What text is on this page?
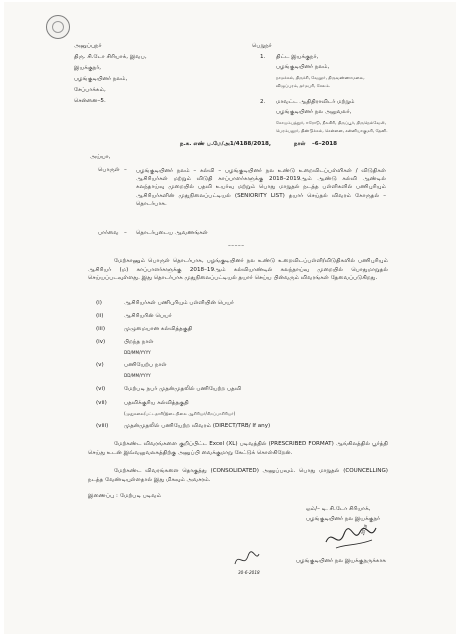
அனுப்புநர்
திரு. சி.டோ சிரியாக், இவப,
இயக்குநர்,
பழங்குடியினர் நலம்,
சேப்பாக்கம்,
சென்னை–5.
பெறுநர்
1. திட்ட இயக்குநர்,
பழங்குடியினர் நலம்,
நாமக்கல், திருச்சி, வேலூர், திருவண்ணாமலை,
விழுப்புரம், தர்மபுரி, சேலம்.
2. மாவட்ட ஆதிதிராவிடர் மற்றும்
பழங்குடியினர் நல அலுவலர்,
கோயம்புத்தூர், ஈரோடு, நீலகிரி, திருப்பூர், திருநெல்வேலி,
பெரம்பலூர், திண்டுக்கல், சென்னை, கன்னியாகுமரி, தேனி.
ந.க. எண் ப.மே/அ1/4188/2018,	நாள் –6–2018
அய்யா,
பொருள் – பழங்குடியினர் நலம் – கல்வி – பழங்குடியினர் நல உண்டு உறைவிடப்பள்ளிகள் / விடுதிகள் ஆசிரியர்கள் மற்றும் விடுதி காப்பாளர்களுக்கு 2018–2019ஆம் ஆண்டு கல்வி ஆண்டில் கலந்தாய்வு முறையில் பதவி உயர்வு மற்றும் பொது மாறுதல் நடத்த பள்ளிகளில் பணிபுரியும் ஆசிரியர்களின் முதுநிலைப்பட்டியல் (SENIORITY LIST) தயார் செய்தல் விவரம் கோருதல் – தொடர்பாக.
பார்வை – தொடர்புடைய ஆவணங்கள்
–––––
மேற்காணும் பொருள் தொடர்பாக, பழங்குடியினர் நல உண்டு உறைவிடப்பள்ளி/விடுதிகளில் பணிபுரியும் ஆசிரியர் (ம) காப்பாளர்களுக்கு 2018–19ஆம் கல்வியாண்டில் கலந்தாய்வு முறையில் பொதுமாறுதல் செய்யப்படவுள்ளது. இது தொடர்பாக முதுநிலைப்பட்டியல் தயார் செய்ய பின்வரும் விவரங்கள் தேவைப்படுகிறது.
(i)	ஆசிரியர்கள் பணிபுரியும் பள்ளியின் பெயர்
(ii)	ஆசிரியரின் பெயர்
(iii)	முழுமையான கல்வித்தகுதி
(iv)	பிறந்த நாள்
DD/MM/YYYY
(v)	பணியேற்ப நாள்
DD/MM/YYYY
(vi)	மேற்படி நபர் முதன்முதலில் பணியேற்ற பதவி
(vii)	பதவிக்குரிய கல்வித்தகுதி
(முதுகலை/பட்டதாரி/இடைநிலை ஆசிரியர்/சிறப்பாசிரியர்)
(viii)	முதன்முதலில் பணியேற்ற விவரம் (DIRECT/TRB/ If any)
மேற்கண்ட விவரங்களை குறிப்பிட்ட Excel (XL) படிவத்தில் (PRESCRIBED FORMAT) ஆங்கிலத்தில் பூர்த்தி செய்து உடன் இவ்வலுவலகத்திற்கு அனுப்பி வைக்குமாறு கேட்டுக் கொள்கிறேன்.
மேற்கண்ட விவரங்களை தொகுத்து (CONSOLIDATED) அனுப்பவும். பொது மாறுதல் (COUNCELLING) நடத்த வேண்டியுள்ளதால் இது மிகவும் அவசரம்.
இணைப்பு : மேற்படி படிவம்
ஒம்/– டி. சி.டோ சிரியாக்,
பழங்குடியினர் நல இயக்குநர்
2018
பழங்குடியினர் நல இயக்குநருக்காக
30-6-2018
